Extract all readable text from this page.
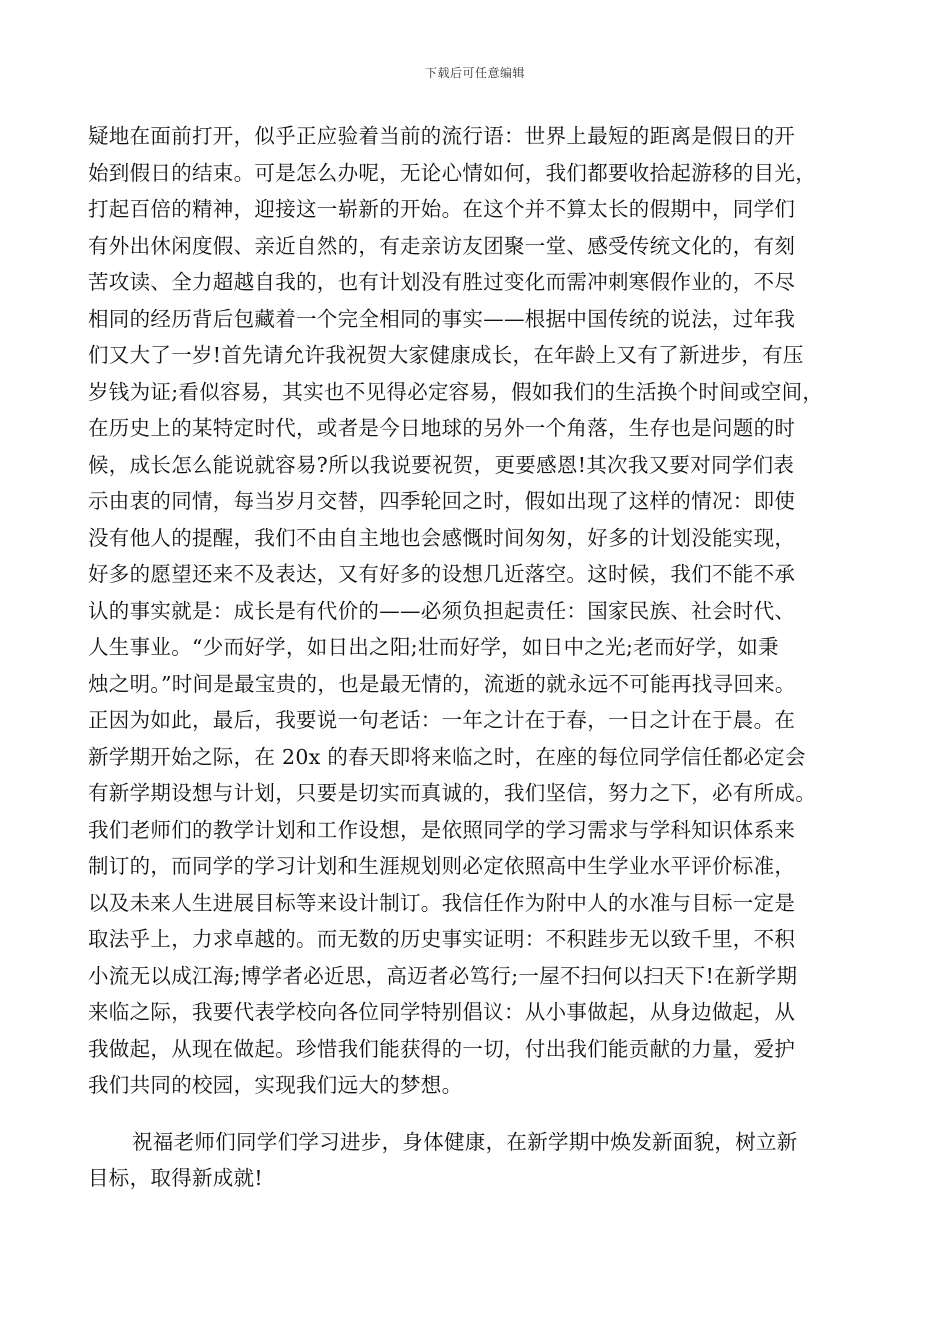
下载后可任意编辑
疑地在面前打开，似乎正应验着当前的流行语：世界上最短的距离是假日的开
始到假日的结束。可是怎么办呢，无论心情如何，我们都要收拾起游移的目光，
打起百倍的精神，迎接这一崭新的开始。在这个并不算太长的假期中，同学们
有外出休闲度假、亲近自然的，有走亲访友团聚一堂、感受传统文化的，有刻
苦攻读、全力超越自我的，也有计划没有胜过变化而需冲刺寒假作业的，不尽
相同的经历背后包藏着一个完全相同的事实——根据中国传统的说法，过年我
们又大了一岁!首先请允许我祝贺大家健康成长，在年龄上又有了新进步，有压
岁钱为证;看似容易，其实也不见得必定容易，假如我们的生活换个时间或空间，
在历史上的某特定时代，或者是今日地球的另外一个角落，生存也是问题的时
候，成长怎么能说就容易?所以我说要祝贺，更要感恩!其次我又要对同学们表
示由衷的同情，每当岁月交替，四季轮回之时，假如出现了这样的情况：即使
没有他人的提醒，我们不由自主地也会感慨时间匆匆，好多的计划没能实现，
好多的愿望还来不及表达，又有好多的设想几近落空。这时候，我们不能不承
认的事实就是：成长是有代价的——必须负担起责任：国家民族、社会时代、
人生事业。“少而好学，如日出之阳;壮而好学，如日中之光;老而好学，如秉
烛之明。”时间是最宝贵的，也是最无情的，流逝的就永远不可能再找寻回来。
正因为如此，最后，我要说一句老话：一年之计在于春，一日之计在于晨。在
新学期开始之际，在 20x 的春天即将来临之时，在座的每位同学信任都必定会
有新学期设想与计划，只要是切实而真诚的，我们坚信，努力之下，必有所成。
我们老师们的教学计划和工作设想，是依照同学的学习需求与学科知识体系来
制订的，而同学的学习计划和生涯规划则必定依照高中生学业水平评价标准，
以及未来人生进展目标等来设计制订。我信任作为附中人的水准与目标一定是
取法乎上，力求卓越的。而无数的历史事实证明：不积跬步无以致千里，不积
小流无以成江海;博学者必近思，高迈者必笃行;一屋不扫何以扫天下!在新学期
来临之际，我要代表学校向各位同学特别倡议：从小事做起，从身边做起，从
我做起，从现在做起。珍惜我们能获得的一切，付出我们能贡献的力量，爱护
我们共同的校园，实现我们远大的梦想。
祝福老师们同学们学习进步，身体健康，在新学期中焕发新面貌，树立新
目标，取得新成就!
